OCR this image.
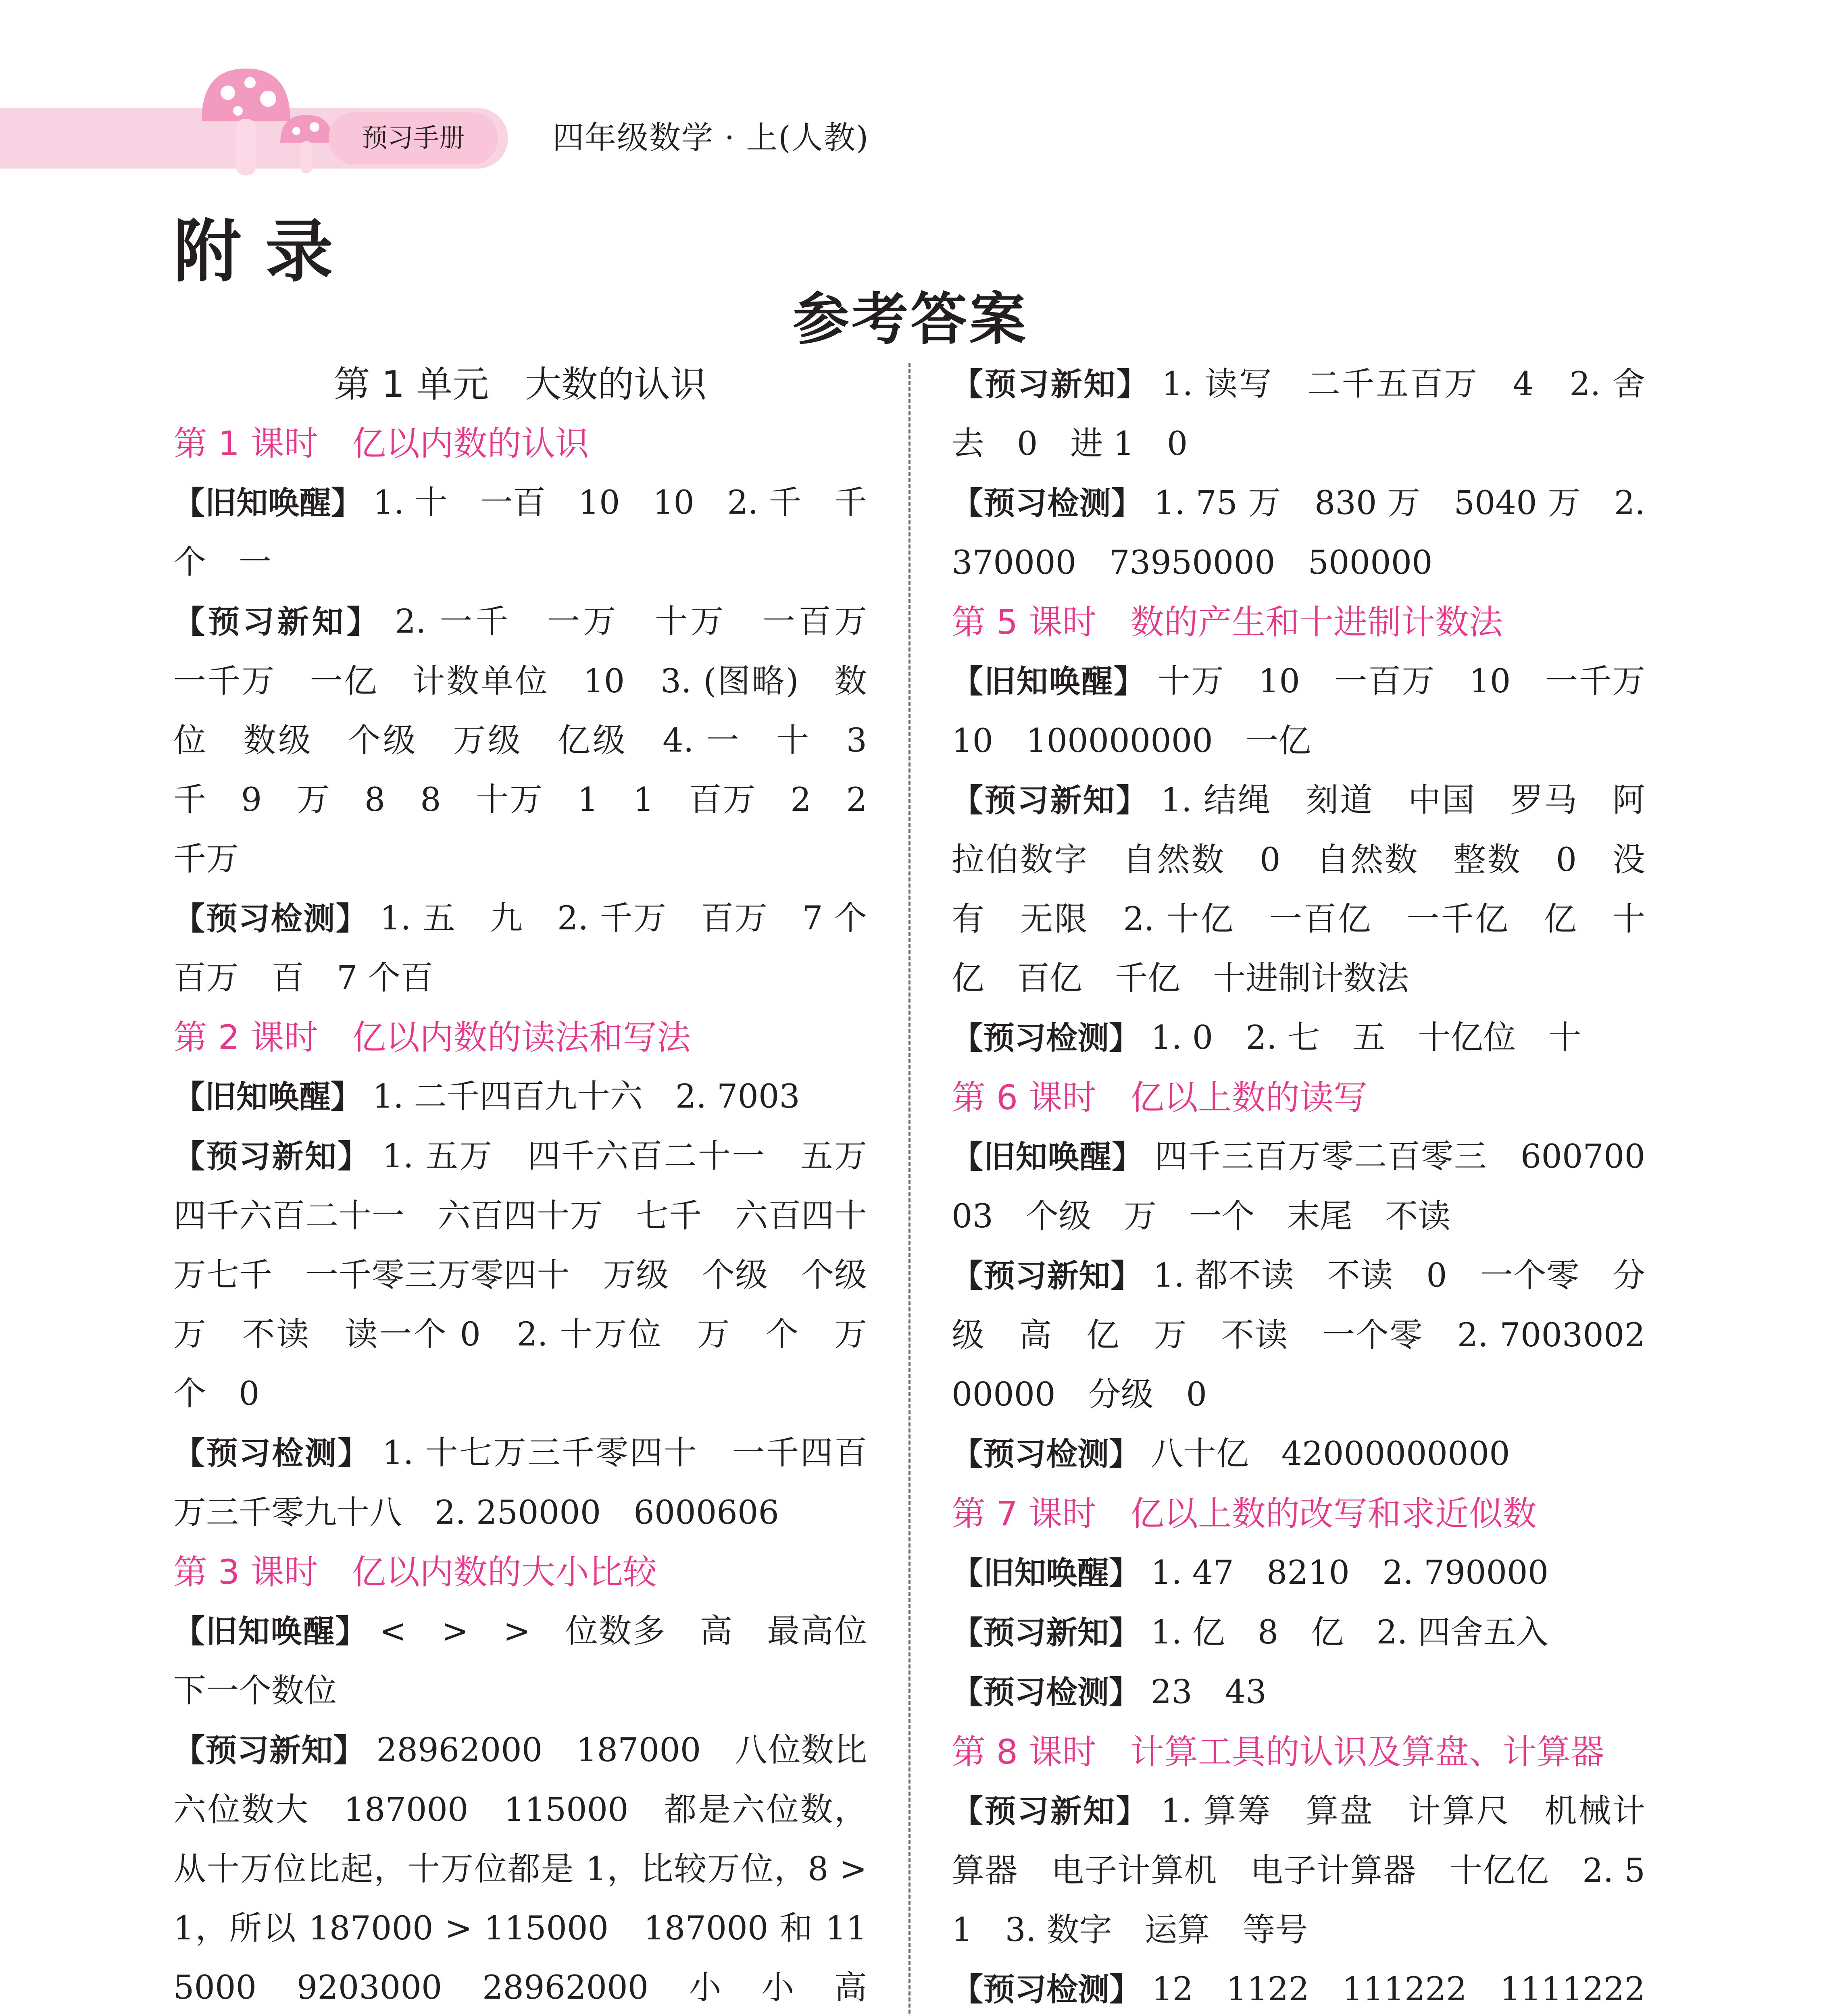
预习手册	四年级数学 · 上(人教)
附录
参考答案
第 1 单元　大数的认识
第 1 课时　亿以内数的认识

【旧知唤醒】 1. 十　一百　10　10　2. 千　千　个　一

【预习新知】 2. 一千　一万　十万　一百万　一千万　一亿　计数单位　10　3. (图略)　数位　数级　个级　万级　亿级　4. 一　十　3　千　9　万　8　8　十万　1　1　百万　2　2　千万

【预习检测】 1. 五　九　2. 千万　百万　7 个百万　百　7 个百

第 2 课时　亿以内数的读法和写法

【旧知唤醒】 1. 二千四百九十六　2. 7003

【预习新知】 1. 五万　四千六百二十一　五万四千六百二十一　六百四十万　七千　六百四十万七千　一千零三万零四十　万级　个级　个级　万　不读　读一个 0　2. 十万位　万　个　万　个　0

【预习检测】 1. 十七万三千零四十　一千四百万三千零九十八　2. 250000　6000606

第 3 课时　亿以内数的大小比较

【旧知唤醒】 <　>　>　位数多　高　最高位　下一个数位

【预习新知】 28962000　187000　八位数比六位数大　187000　115000　都是六位数，从十万位比起，十万位都是 1，比较万位，8 > 1，所以 187000 > 115000　187000 和 115000　9203000　28962000　小　小　高　　　　　　　

【预习新知】 1. 读写　二千五百万　4　2. 舍去　0　进 1　0

【预习检测】 1. 75 万　830 万　5040 万　2. 370000　73950000　500000

第 5 课时　数的产生和十进制计数法

【旧知唤醒】 十万　10　一百万　10　一千万　10　100000000　一亿

【预习新知】 1. 结绳　刻道　中国　罗马　阿拉伯数字　自然数　0　自然数　整数　0　没有　无限　2. 十亿　一百亿　一千亿　亿　十亿　百亿　千亿　十进制计数法

【预习检测】 1. 0　2. 七　五　十亿位　十

第 6 课时　亿以上数的读写

【旧知唤醒】 四千三百万零二百零三　60070003　个级　万　一个　末尾　不读

【预习新知】 1. 都不读　不读　0　一个零　分级　高　亿　万　不读　一个零　2. 700300200000　分级　0

【预习检测】 八十亿　42000000000

第 7 课时　亿以上数的改写和求近似数

【旧知唤醒】 1. 47　8210　2. 790000

【预习新知】 1. 亿　8　亿　2. 四舍五入

【预习检测】 23　43

第 8 课时　计算工具的认识及算盘、计算器

【预习新知】 1. 算筹　算盘　计算尺　机械计算器　电子计算机　电子计算器　十亿亿　2. 5　1　3. 数字　运算　等号

【预习检测】 12　1122　111222　1111222
